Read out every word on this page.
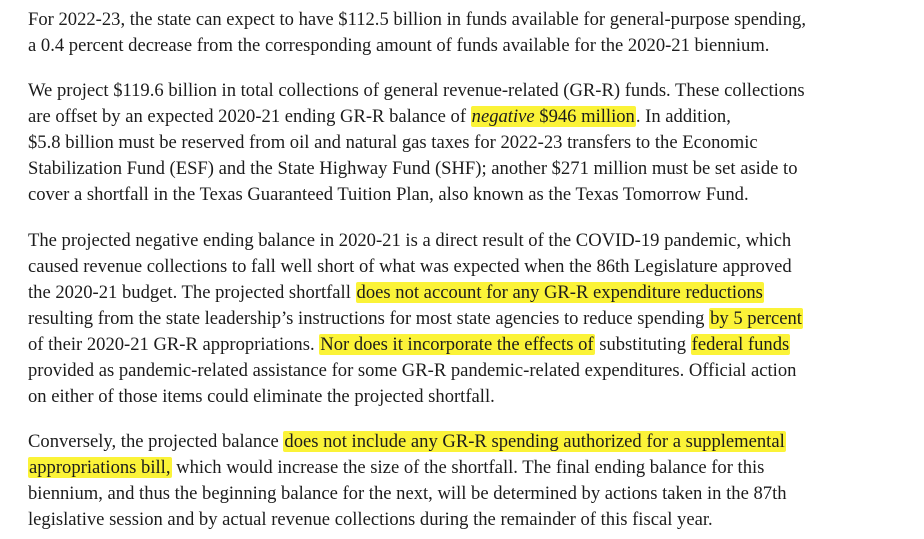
For 2022-23, the state can expect to have $112.5 billion in funds available for general-purpose spending,
a 0.4 percent decrease from the corresponding amount of funds available for the 2020-21 biennium.
We project $119.6 billion in total collections of general revenue-related (GR-R) funds. These collections
are offset by an expected 2020-21 ending GR-R balance of negative $946 million. In addition,
$5.8 billion must be reserved from oil and natural gas taxes for 2022-23 transfers to the Economic
Stabilization Fund (ESF) and the State Highway Fund (SHF); another $271 million must be set aside to
cover a shortfall in the Texas Guaranteed Tuition Plan, also known as the Texas Tomorrow Fund.
The projected negative ending balance in 2020-21 is a direct result of the COVID-19 pandemic, which
caused revenue collections to fall well short of what was expected when the 86th Legislature approved
the 2020-21 budget. The projected shortfall does not account for any GR-R expenditure reductions
resulting from the state leadership’s instructions for most state agencies to reduce spending by 5 percent
of their 2020-21 GR-R appropriations. Nor does it incorporate the effects of substituting federal funds
provided as pandemic-related assistance for some GR-R pandemic-related expenditures. Official action
on either of those items could eliminate the projected shortfall.
Conversely, the projected balance does not include any GR-R spending authorized for a supplemental
appropriations bill, which would increase the size of the shortfall. The final ending balance for this
biennium, and thus the beginning balance for the next, will be determined by actions taken in the 87th
legislative session and by actual revenue collections during the remainder of this fiscal year.
